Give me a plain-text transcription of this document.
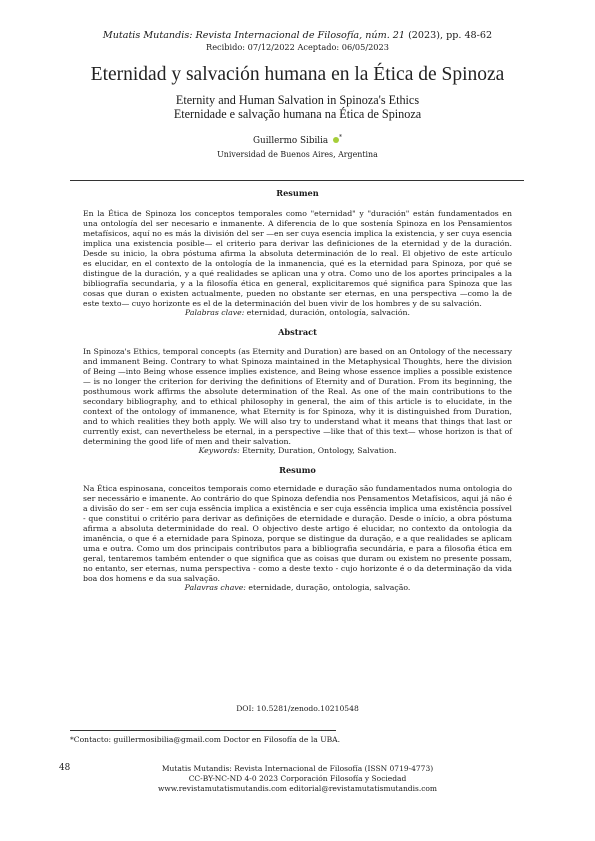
Mutatis Mutandis: Revista Internacional de Filosofía, núm. 21 (2023), pp. 48-62
Recibido: 07/12/2022 Aceptado: 06/05/2023
Eternidad y salvación humana en la Ética de Spinoza
Eternity and Human Salvation in Spinoza's Ethics
Eternidade e salvação humana na Ética de Spinoza
Guillermo Sibilia *
Universidad de Buenos Aires, Argentina
Resumen
En la Ética de Spinoza los conceptos temporales como "eternidad" y "duración" están fundamentados en
una ontología del ser necesario e inmanente. A diferencia de lo que sostenía Spinoza en los Pensamientos
metafísicos, aquí no es más la división del ser —en ser cuya esencia implica la existencia, y ser cuya esencia
implica una existencia posible— el criterio para derivar las definiciones de la eternidad y de la duración.
Desde su inicio, la obra póstuma afirma la absoluta determinación de lo real. El objetivo de este artículo
es elucidar, en el contexto de la ontología de la inmanencia, qué es la eternidad para Spinoza, por qué se
distingue de la duración, y a qué realidades se aplican una y otra. Como uno de los aportes principales a la
bibliografía secundaria, y a la filosofía ética en general, explicitaremos qué significa para Spinoza que las
cosas que duran o existen actualmente, pueden no obstante ser eternas, en una perspectiva —como la de
este texto— cuyo horizonte es el de la determinación del buen vivir de los hombres y de su salvación.
Palabras clave: eternidad, duración, ontología, salvación.
Abstract
In Spinoza's Ethics, temporal concepts (as Eternity and Duration) are based on an Ontology of the necessary
and immanent Being. Contrary to what Spinoza maintained in the Metaphysical Thoughts, here the division
of Being —into Being whose essence implies existence, and Being whose essence implies a possible existence
— is no longer the criterion for deriving the definitions of Eternity and of Duration. From its beginning, the
posthumous work affirms the absolute determination of the Real. As one of the main contributions to the
secondary bibliography, and to ethical philosophy in general, the aim of this article is to elucidate, in the
context of the ontology of immanence, what Eternity is for Spinoza, why it is distinguished from Duration,
and to which realities they both apply. We will also try to understand what it means that things that last or
currently exist, can nevertheless be eternal, in a perspective —like that of this text— whose horizon is that of
determining the good life of men and their salvation.
Keywords: Eternity, Duration, Ontology, Salvation.
Resumo
Na Ética espinosana, conceitos temporais como eternidade e duração são fundamentados numa ontologia do
ser necessário e imanente. Ao contrário do que Spinoza defendia nos Pensamentos Metafísicos, aqui já não é
a divisão do ser - em ser cuja essência implica a existência e ser cuja essência implica uma existência possível
- que constitui o critério para derivar as definições de eternidade e duração. Desde o início, a obra póstuma
afirma a absoluta determinidade do real. O objectivo deste artigo é elucidar, no contexto da ontologia da
imanência, o que é a eternidade para Spinoza, porque se distingue da duração, e a que realidades se aplicam
uma e outra. Como um dos principais contributos para a bibliografia secundária, e para a filosofia ética em
geral, tentaremos também entender o que significa que as coisas que duram ou existem no presente possam,
no entanto, ser eternas, numa perspectiva - como a deste texto - cujo horizonte é o da determinação da vida
boa dos homens e da sua salvação.
Palavras chave: eternidade, duração, ontologia, salvação.
DOI: 10.5281/zenodo.10210548
*Contacto: guillermosibilia@gmail.com Doctor en Filosofía de la UBA.
48	Mutatis Mutandis: Revista Internacional de Filosofía (ISSN 0719-4773)
CC-BY-NC-ND 4-0 2023 Corporación Filosofía y Sociedad
www.revistamutatismutandis.com editorial@revistamutatismutandis.com
